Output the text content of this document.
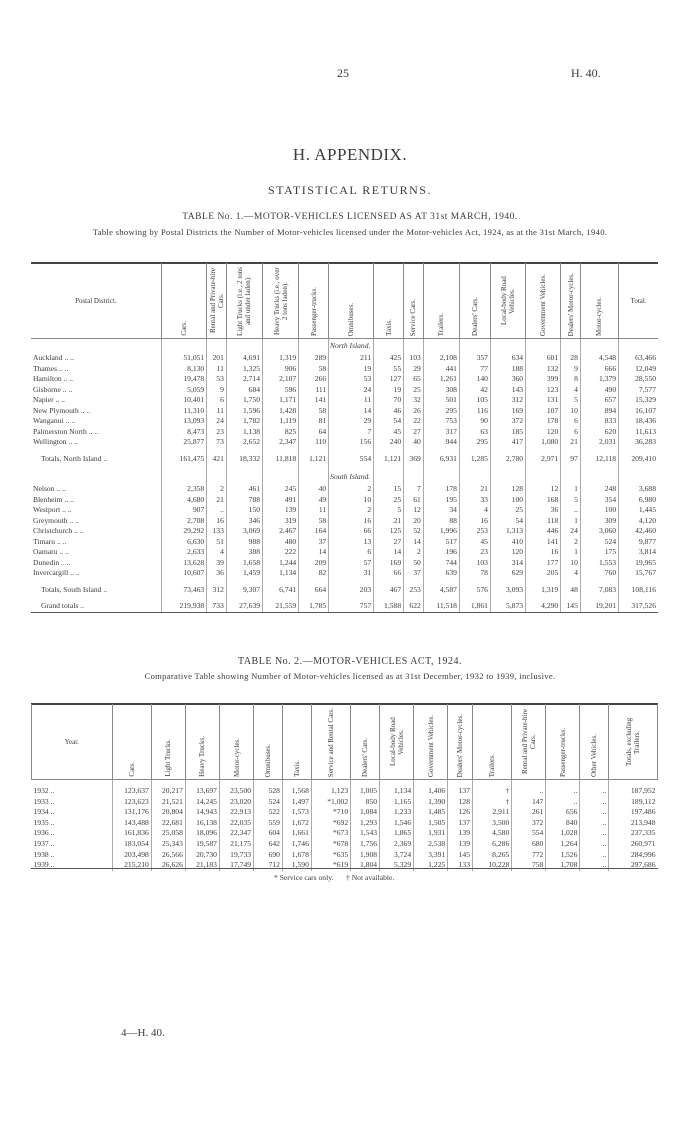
25	H. 40.
H. APPENDIX.
STATISTICAL RETURNS.
TABLE No. 1.—MOTOR-VEHICLES LICENSED AS AT 31st MARCH, 1940.
Table showing by Postal Districts the Number of Motor-vehicles licensed under the Motor-vehicles Act, 1924, as at the 31st March, 1940.
Postal District.	Cars.	Rental and Private-hire Cars.	Light Trucks (i.e., 2 tons and under laden).	Heavy Trucks (i.e., over 2 tons laden).	Passenger-trucks.	Omnibuses.	Taxis.	Service Cars.	Trailers.	Dealers' Cars.	Local-body Road Vehicles.	Government Vehicles.	Dealers' Motor-cycles.	Motor-cycles.	Total.
						North Island.									
Auckland .. ..	51,051	201	4,691	1,319	289	211	425	103	2,108	357	634	601	28	4,548	63,466
Thames .. ..	8,130	11	1,325	906	58	19	55	29	441	77	188	132	9	666	12,049
Hamilton .. ..	19,478	53	2,714	2,107	266	53	127	65	1,261	140	360	399	8	1,379	28,550
Gisborne .. ..	5,059	9	684	596	111	24	19	25	308	42	143	123	4	490	7,577
Napier .. ..	10,401	6	1,750	1,171	141	11	70	32	501	105	312	131	5	657	15,329
New Plymouth .. ..	11,310	11	1,596	1,428	58	14	46	26	295	116	169	107	10	894	16,107
Wanganui .. ..	13,093	24	1,782	1,119	81	29	54	22	753	90	372	178	6	833	18,436
Palmerston North .. ..	8,473	23	1,138	825	64	7	45	27	317	63	185	120	6	620	11,613
Wellington .. ..	25,877	73	2,652	2,347	110	156	240	40	944	295	417	1,080	21	2,031	36,283

Totals, North Island ..	161,475	421	18,332	11,818	1,121	554	1,121	369	6,931	1,285	2,780	2,971	97	12,118	209,410

						South Island.									
Nelson .. ..	2,358	2	461	245	40	2	15	7	178	21	128	12	1	248	3,688
Blenheim .. ..	4,680	21	788	491	49	10	25	61	195	33	100	168	5	354	6,980
Westport .. ..	907	..	150	139	11	2	5	12	34	4	25	36	..	100	1,445
Greymouth .. ..	2,708	16	346	319	58	16	21	20	88	16	54	118	1	309	4,120
Christchurch .. ..	29,292	133	3,069	2,467	164	66	125	52	1,996	253	1,313	446	24	3,060	42,460
Timaru .. ..	6,630	51	988	480	37	13	27	14	517	45	410	141	2	524	9,877
Oamaru .. ..	2,633	4	388	222	14	6	14	2	196	23	120	16	1	175	3,814
Dunedin .. ..	13,628	39	1,658	1,244	209	57	169	50	744	103	314	177	10	1,553	19,965
Invercargill .. ..	10,607	36	1,459	1,134	82	31	66	37	639	78	629	205	4	760	15,767

Totals, South Island ..	73,463	312	9,307	6,741	664	203	467	253	4,587	576	3,093	1,319	48	7,083	108,116

Grand totals ..	219,938	733	27,639	21,559	1,785	757	1,588	622	11,518	1,861	5,873	4,290	145	19,201	317,526
TABLE No. 2.—MOTOR-VEHICLES ACT, 1924.
Comparative Table showing Number of Motor-vehicles licensed as at 31st December, 1932 to 1939, inclusive.
Year.	Cars.	Light Trucks.	Heavy Trucks.	Motor-cycles.	Omnibuses.	Taxis.	Service and Rental Cars.	Dealers' Cars.	Local-body Road Vehicles.	Government Vehicles.	Dealers' Motor-cycles.	Trailers.	Rental and Private-hire Cars.	Passenger-trucks.	Other Vehicles.	Totals, excluding Trailers.

1932 ..	123,637	20,217	13,697	23,500	528	1,568	1,123	1,005	1,134	1,406	137	†	..	..	..	187,952
1933 ..	123,623	21,521	14,245	23,020	524	1,497	*1,002	850	1,165	1,390	128	†	147	..	..	189,112
1934 ..	131,176	20,804	14,943	22,913	522	1,573	*710	1,084	1,233	1,485	126	2,911	261	656	..	197,486
1935 ..	143,488	22,681	16,138	22,035	559	1,672	*692	1,293	1,546	1,505	137	3,500	372	840	..	213,948
1936 ..	161,836	25,058	18,096	22,347	604	1,661	*673	1,543	1,865	1,931	139	4,580	554	1,028	..	237,335
1937 ..	183,054	25,343	19,587	21,175	642	1,746	*678	1,756	2,369	2,538	139	6,286	680	1,264	..	260,971
1938 ..	203,498	26,566	20,730	19,733	690	1,678	*635	1,908	3,724	3,391	145	8,265	772	1,526	..	284,996
1939 ..	215,210	26,626	21,183	17,749	712	1,590	*619	1,804	5,329	1,225	133	10,228	758	1,708	..	297,686
* Service cars only. † Not available.
4—H. 40.
